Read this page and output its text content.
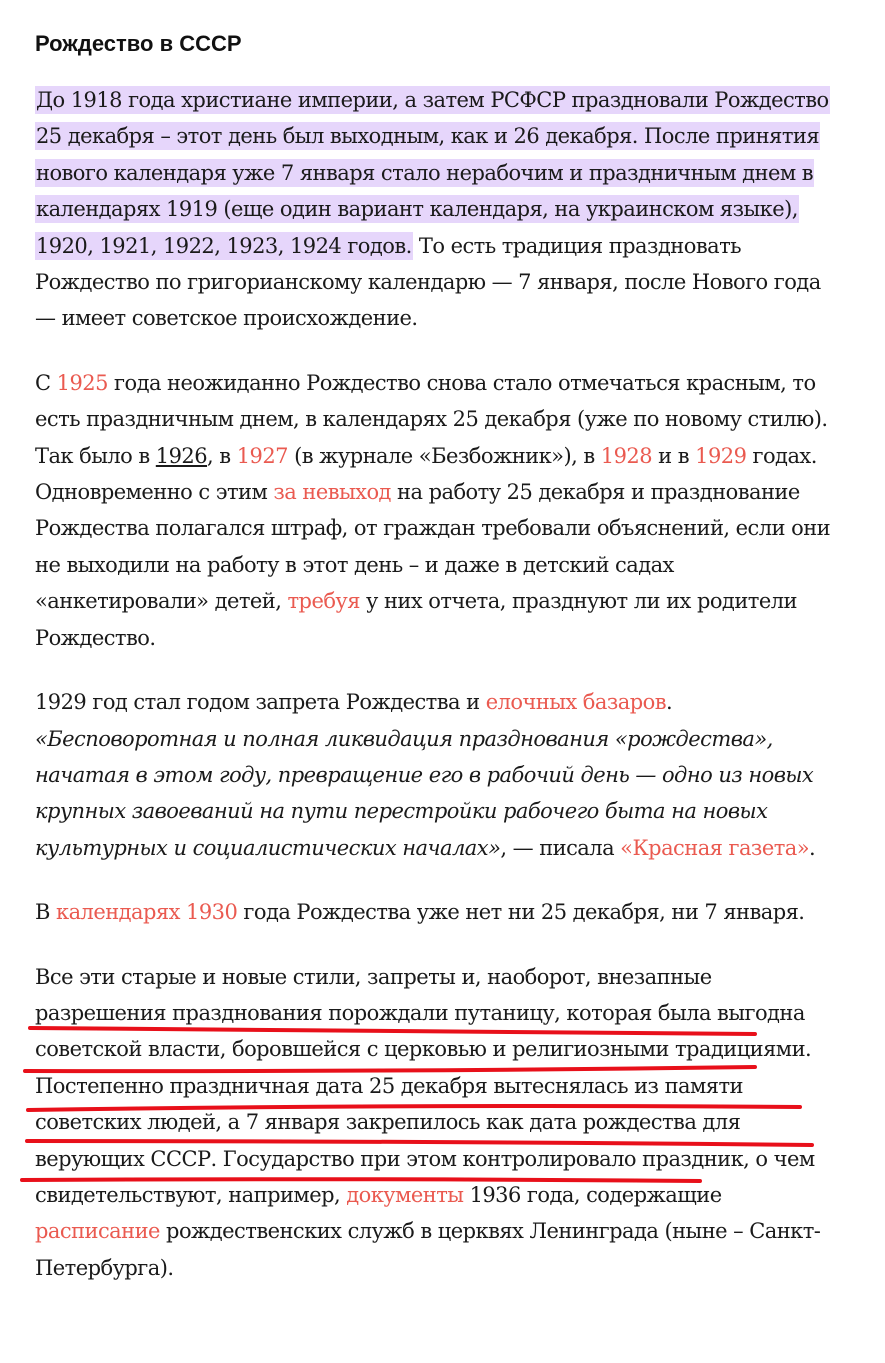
Рождество в СССР

До 1918 года христиане империи, а затем РСФСР праздновали Рождество 25 декабря – этот день был выходным, как и 26 декабря. После принятия нового календаря уже 7 января стало нерабочим и праздничным днем в календарях 1919 (еще один вариант календаря, на украинском языке), 1920, 1921, 1922, 1923, 1924 годов. То есть традиция праздновать Рождество по григорианскому календарю — 7 января, после Нового года — имеет советское происхождение.

С 1925 года неожиданно Рождество снова стало отмечаться красным, то есть праздничным днем, в календарях 25 декабря (уже по новому стилю). Так было в 1926, в 1927 (в журнале «Безбожник»), в 1928 и в 1929 годах. Одновременно с этим за невыход на работу 25 декабря и празднование Рождества полагался штраф, от граждан требовали объяснений, если они не выходили на работу в этот день – и даже в детский садах «анкетировали» детей, требуя у них отчета, празднуют ли их родители Рождество.

1929 год стал годом запрета Рождества и елочных базаров. «Бесповоротная и полная ликвидация празднования «рождества», начатая в этом году, превращение его в рабочий день — одно из новых крупных завоеваний на пути перестройки рабочего быта на новых культурных и социалистических началах», — писала «Красная газета».

В календарях 1930 года Рождества уже нет ни 25 декабря, ни 7 января.

Все эти старые и новые стили, запреты и, наоборот, внезапные разрешения празднования порождали путаницу, которая была выгодна советской власти, боровшейся с церковью и религиозными традициями. Постепенно праздничная дата 25 декабря вытеснялась из памяти советских людей, а 7 января закрепилось как дата рождества для верующих СССР. Государство при этом контролировало праздник, о чем свидетельствуют, например, документы 1936 года, содержащие расписание рождественских служб в церквях Ленинграда (ныне – Санкт-Петербурга).
